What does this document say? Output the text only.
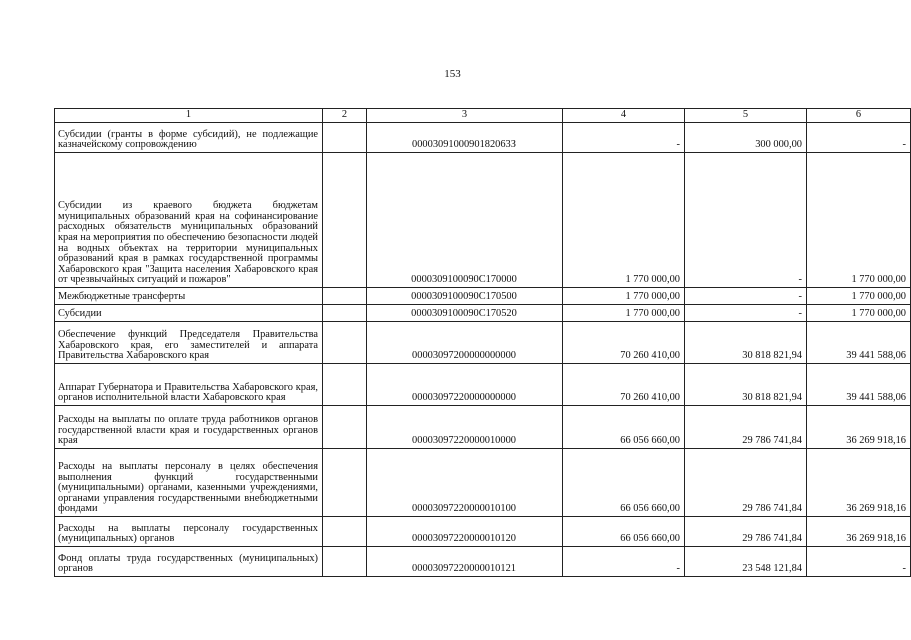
153
1	2	3	4	5	6
Субсидии (гранты в форме субсидий), не подлежащие казначейскому сопровождению		0000309100090182063З	-	300 000,00	-
Субсидии из краевого бюджета бюджетам муниципальных образований края на софинансирование расходных обязательств муниципальных образований края на мероприятия по обеспечению безопасности людей на водных объектах на территории муниципальных образований края в рамках государственной программы Хабаровского края "Защита населения Хабаровского края от чрезвычайных ситуаций и пожаров"		0000309100090С170000	1 770 000,00	-	1 770 000,00
Межбюджетные трансферты		0000309100090С170500	1 770 000,00	-	1 770 000,00
Субсидии		0000309100090С170520	1 770 000,00	-	1 770 000,00
Обеспечение функций Председателя Правительства Хабаровского края, его заместителей и аппарата Правительства Хабаровского края		00003097200000000000	70 260 410,00	30 818 821,94	39 441 588,06
Аппарат Губернатора и Правительства Хабаровского края, органов исполнительной власти Хабаровского края		00003097220000000000	70 260 410,00	30 818 821,94	39 441 588,06
Расходы на выплаты по оплате труда работников органов государственной власти края и государственных органов края		00003097220000010000	66 056 660,00	29 786 741,84	36 269 918,16
Расходы на выплаты персоналу в целях обеспечения выполнения функций государственными (муниципальными) органами, казенными учреждениями, органами управления государственными внебюджетными фондами		00003097220000010100	66 056 660,00	29 786 741,84	36 269 918,16
Расходы на выплаты персоналу государственных (муниципальных) органов		00003097220000010120	66 056 660,00	29 786 741,84	36 269 918,16
Фонд оплаты труда государственных (муниципальных) органов		00003097220000010121	-	23 548 121,84	-
